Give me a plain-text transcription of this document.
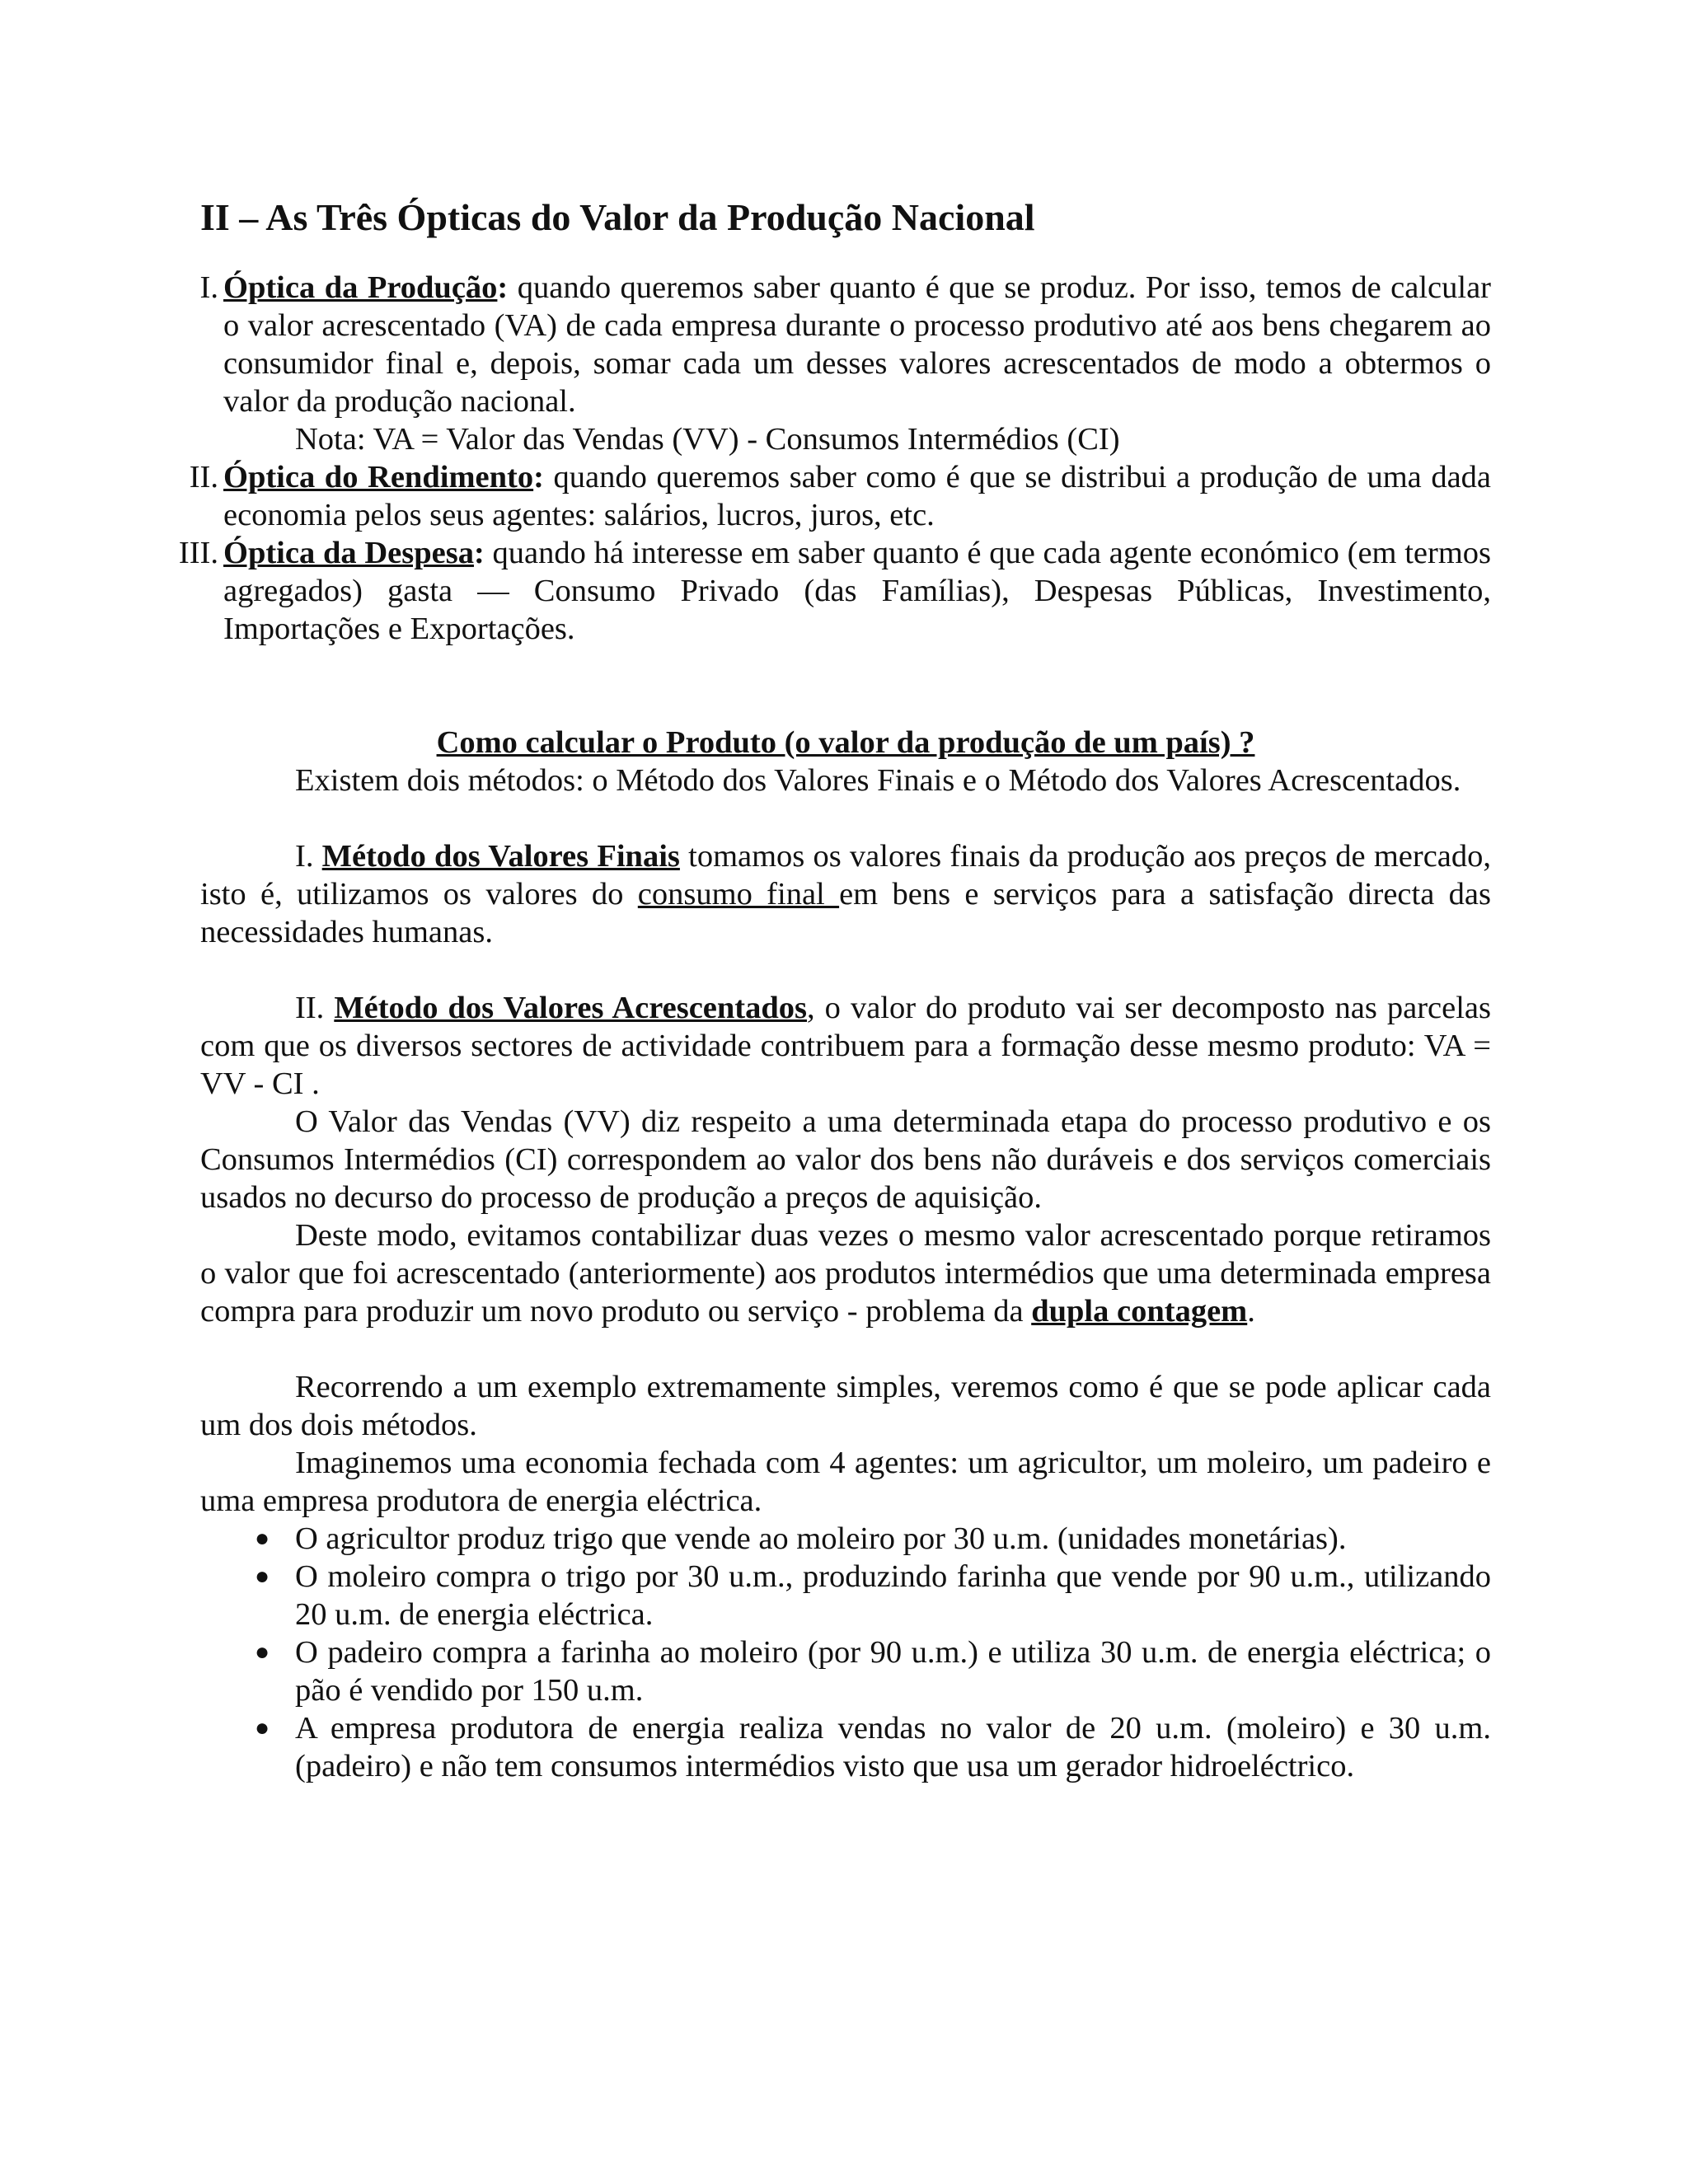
II – As Três Ópticas do Valor da Produção Nacional
I. Óptica da Produção: quando queremos saber quanto é que se produz. Por isso, temos de calcular o valor acrescentado (VA) de cada empresa durante o processo produtivo até aos bens chegarem ao consumidor final e, depois, somar cada um desses valores acrescentados de modo a obtermos o valor da produção nacional.
Nota: VA = Valor das Vendas (VV) - Consumos Intermédios (CI)
II. Óptica do Rendimento: quando queremos saber como é que se distribui a produção de uma dada economia pelos seus agentes: salários, lucros, juros, etc.
III. Óptica da Despesa: quando há interesse em saber quanto é que cada agente económico (em termos agregados) gasta — Consumo Privado (das Famílias), Despesas Públicas, Investimento, Importações e Exportações.

Como calcular o Produto (o valor da produção de um país) ?

Existem dois métodos: o Método dos Valores Finais e o Método dos Valores Acrescentados.

I. Método dos Valores Finais tomamos os valores finais da produção aos preços de mercado, isto é, utilizamos os valores do consumo final em bens e serviços para a satisfação directa das necessidades humanas.

II. Método dos Valores Acrescentados, o valor do produto vai ser decomposto nas parcelas com que os diversos sectores de actividade contribuem para a formação desse mesmo produto: VA = VV - CI .

O Valor das Vendas (VV) diz respeito a uma determinada etapa do processo produtivo e os Consumos Intermédios (CI) correspondem ao valor dos bens não duráveis e dos serviços comerciais usados no decurso do processo de produção a preços de aquisição.

Deste modo, evitamos contabilizar duas vezes o mesmo valor acrescentado porque retiramos o valor que foi acrescentado (anteriormente) aos produtos intermédios que uma determinada empresa compra para produzir um novo produto ou serviço - problema da dupla contagem.

Recorrendo a um exemplo extremamente simples, veremos como é que se pode aplicar cada um dos dois métodos.

Imaginemos uma economia fechada com 4 agentes: um agricultor, um moleiro, um padeiro e uma empresa produtora de energia eléctrica.

● O agricultor produz trigo que vende ao moleiro por 30 u.m. (unidades monetárias).
● O moleiro compra o trigo por 30 u.m., produzindo farinha que vende por 90 u.m., utilizando 20 u.m. de energia eléctrica.
● O padeiro compra a farinha ao moleiro (por 90 u.m.) e utiliza 30 u.m. de energia eléctrica; o pão é vendido por 150 u.m.
● A empresa produtora de energia realiza vendas no valor de 20 u.m. (moleiro) e 30 u.m. (padeiro) e não tem consumos intermédios visto que usa um gerador hidroeléctrico.
